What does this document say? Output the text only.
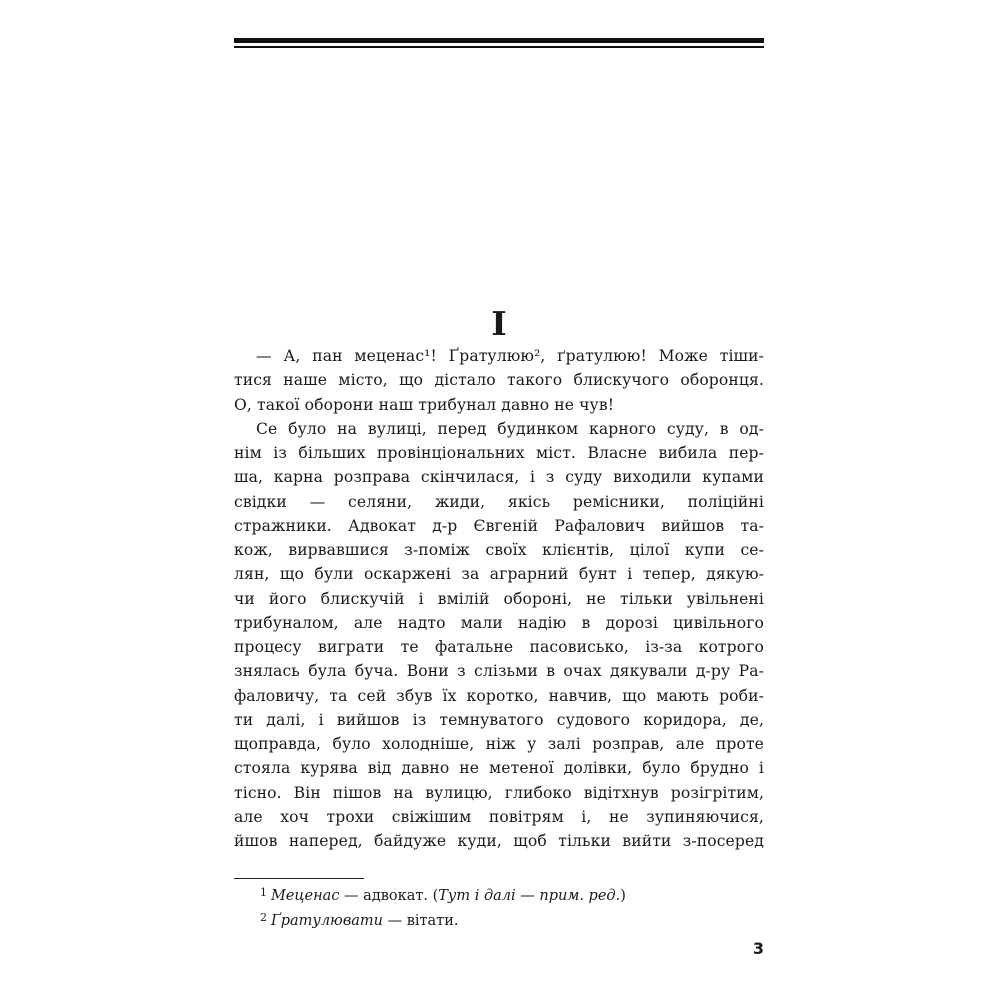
I
— А, пан меценас¹! Ґратулюю², ґратулюю! Може тіши-
тися наше місто, що дістало такого блискучого оборонця.
О, такої оборони наш трибунал давно не чув!
Се було на вулиці, перед будинком карного суду, в од-
нім із більших провінціональних міст. Власне вибила пер-
ша, карна розправа скінчилася, і з суду виходили купами
свідки — селяни, жиди, якісь ремісники, поліційні
стражники. Адвокат д-р Євгеній Рафалович вийшов та-
кож, вирвавшися з-поміж своїх клієнтів, цілої купи се-
лян, що були оскаржені за аграрний бунт і тепер, дякую-
чи його блискучій і вмілій обороні, не тільки увільнені
трибуналом, але надто мали надію в дорозі цивільного
процесу виграти те фатальне пасовисько, із-за котрого
знялась була буча. Вони з слізьми в очах дякували д-ру Ра-
фаловичу, та сей збув їх коротко, навчив, що мають роби-
ти далі, і вийшов із темнуватого судового коридора, де,
щоправда, було холодніше, ніж у залі розправ, але проте
стояла курява від давно не метеної долівки, було брудно і
тісно. Він пішов на вулицю, глибоко відітхнув розігрітим,
але хоч трохи свіжішим повітрям і, не зупиняючися,
йшов наперед, байдуже куди, щоб тільки вийти з-посеред
$^1$ Меценас — адвокат. (Тут і далі — прим. ред.)
$^2$ Ґратулювати — вітати.
3
